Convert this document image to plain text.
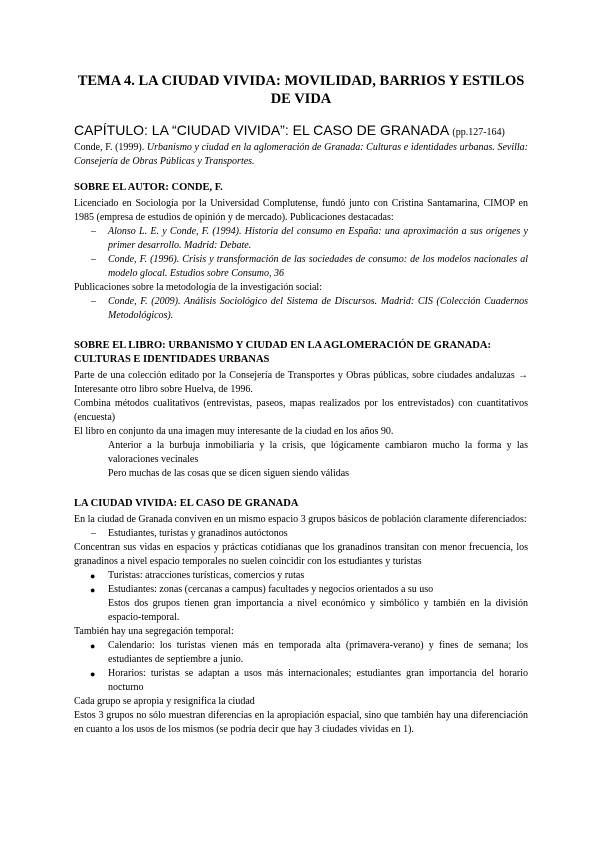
TEMA 4. LA CIUDAD VIVIDA: MOVILIDAD, BARRIOS Y ESTILOS DE VIDA
CAPÍTULO: LA “CIUDAD VIVIDA”: EL CASO DE GRANADA (pp.127-164)

Conde, F. (1999). Urbanismo y ciudad en la aglomeración de Granada: Culturas e identidades urbanas. Sevilla: Consejería de Obras Públicas y Transportes.

SOBRE EL AUTOR: CONDE, F.

Licenciado en Sociología por la Universidad Complutense, fundó junto con Cristina Santamarina, CIMOP en 1985 (empresa de estudios de opinión y de mercado). Publicaciones destacadas:

– Alonso L. E. y Conde, F. (1994). Historia del consumo en España: una aproximación a sus orígenes y primer desarrollo. Madrid: Debate.
– Conde, F. (1996). Crisis y transformación de las sociedades de consumo: de los modelos nacionales al modelo glocal. Estudios sobre Consumo, 36

Publicaciones sobre la metodología de la investigación social:

– Conde, F. (2009). Análisis Sociológico del Sistema de Discursos. Madrid: CIS (Colección Cuadernos Metodológicos).
SOBRE EL LIBRO: URBANISMO Y CIUDAD EN LA AGLOMERACIÓN DE GRANADA: CULTURAS E IDENTIDADES URBANAS

Parte de una colección editado por la Consejería de Transportes y Obras públicas, sobre ciudades andaluzas → Interesante otro libro sobre Huelva, de 1996.

Combina métodos cualitativos (entrevistas, paseos, mapas realizados por los entrevistados) con cuantitativos (encuesta)

El libro en conjunto da una imagen muy interesante de la ciudad en los años 90.

Anterior a la burbuja inmobiliaria y la crisis, que lógicamente cambiaron mucho la forma y las valoraciones vecinales

Pero muchas de las cosas que se dicen siguen siendo válidas

LA CIUDAD VIVIDA: EL CASO DE GRANADA

En la ciudad de Granada conviven en un mismo espacio 3 grupos básicos de población claramente diferenciados:

– Estudiantes, turistas y granadinos autóctonos

Concentran sus vidas en espacios y prácticas cotidianas que los granadinos transitan con menor frecuencia, los granadinos a nivel espacio temporales no suelen coincidir con los estudiantes y turistas

● Turistas: atracciones turísticas, comercios y rutas
● Estudiantes: zonas (cercanas a campus) facultades y negocios orientados a su uso

Estos dos grupos tienen gran importancia a nivel económico y simbólico y también en la división espacio-temporal.

También hay una segregación temporal:

● Calendario: los turistas vienen más en temporada alta (primavera-verano) y fines de semana; los estudiantes de septiembre a junio.
● Horarios: turistas se adaptan a usos más internacionales; estudiantes gran importancia del horario nocturno

Cada grupo se apropia y resignifica la ciudad

Estos 3 grupos no sólo muestran diferencias en la apropiación espacial, sino que también hay una diferenciación en cuanto a los usos de los mismos (se podría decir que hay 3 ciudades vividas en 1).
